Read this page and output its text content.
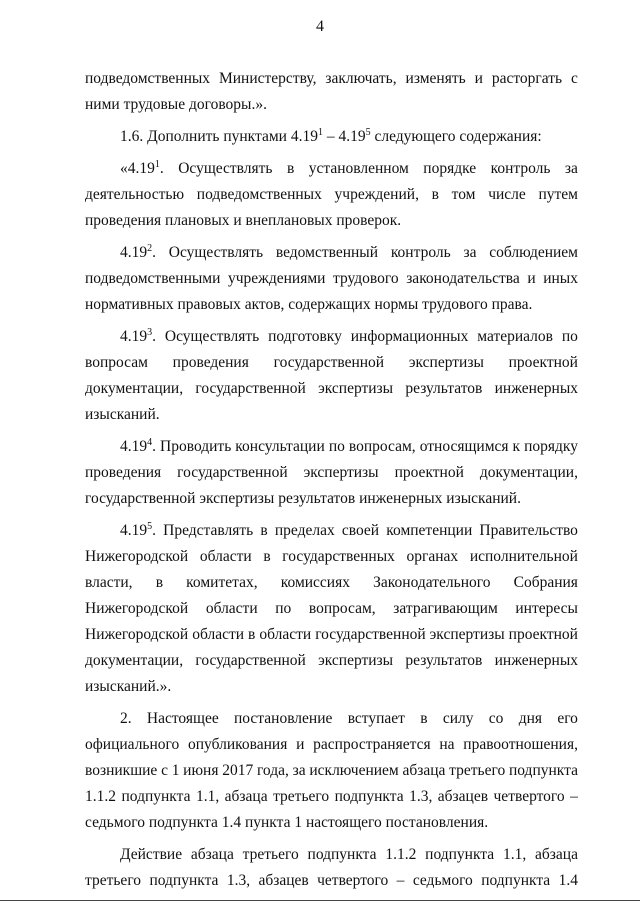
4
подведомственных Министерству, заключать, изменять и расторгать с
ними трудовые договоры.».
1.6. Дополнить пунктами 4.19$^1$ – 4.19$^5$ следующего содержания:
«4.19$^1$. Осуществлять в установленном порядке контроль за
деятельностью подведомственных учреждений, в том числе путем
проведения плановых и внеплановых проверок.
4.19$^2$. Осуществлять ведомственный контроль за соблюдением
подведомственными учреждениями трудового законодательства и иных
нормативных правовых актов, содержащих нормы трудового права.
4.19$^3$. Осуществлять подготовку информационных материалов по
вопросам проведения государственной экспертизы проектной
документации, государственной экспертизы результатов инженерных
изысканий.
4.19$^4$. Проводить консультации по вопросам, относящимся к порядку
проведения государственной экспертизы проектной документации,
государственной экспертизы результатов инженерных изысканий.
4.19$^5$. Представлять в пределах своей компетенции Правительство
Нижегородской области в государственных органах исполнительной
власти, в комитетах, комиссиях Законодательного Собрания
Нижегородской области по вопросам, затрагивающим интересы
Нижегородской области в области государственной экспертизы проектной
документации, государственной экспертизы результатов инженерных
изысканий.».
2. Настоящее постановление вступает в силу со дня его
официального опубликования и распространяется на правоотношения,
возникшие с 1 июня 2017 года, за исключением абзаца третьего подпункта
1.1.2 подпункта 1.1, абзаца третьего подпункта 1.3, абзацев четвертого –
седьмого подпункта 1.4 пункта 1 настоящего постановления.
Действие абзаца третьего подпункта 1.1.2 подпункта 1.1, абзаца
третьего подпункта 1.3, абзацев четвертого – седьмого подпункта 1.4
